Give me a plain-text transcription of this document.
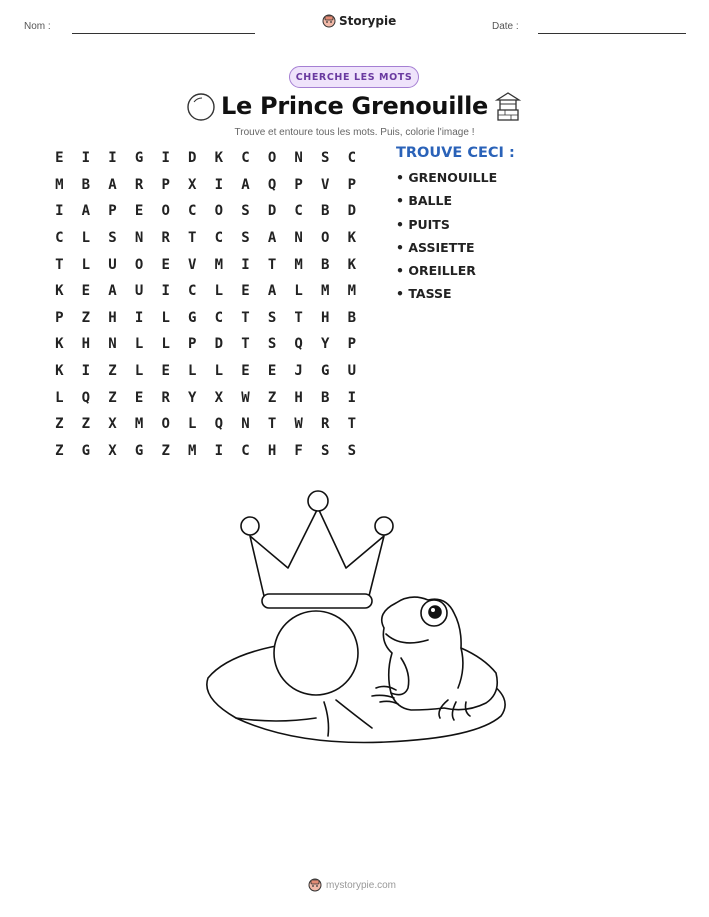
Nom :	Storypie	Date :
CHERCHE LES MOTS
Le Prince Grenouille
Trouve et entoure tous les mots. Puis, colorie l'image !
E	I	I	G	I	D	K	C	O	N	S	C
M	B	A	R	P	X	I	A	Q	P	V	P
I	A	P	E	O	C	O	S	D	C	B	D
C	L	S	N	R	T	C	S	A	N	O	K
T	L	U	O	E	V	M	I	T	M	B	K
K	E	A	U	I	C	L	E	A	L	M	M
P	Z	H	I	L	G	C	T	S	T	H	B
K	H	N	L	L	P	D	T	S	Q	Y	P
K	I	Z	L	E	L	L	E	E	J	G	U
L	Q	Z	E	R	Y	X	W	Z	H	B	I
Z	Z	X	M	O	L	Q	N	T	W	R	T
Z	G	X	G	Z	M	I	C	H	F	S	S
TROUVE CECI :
• GRENOUILLE
• BALLE
• PUITS
• ASSIETTE
• OREILLER
• TASSE
mystorypie.com
